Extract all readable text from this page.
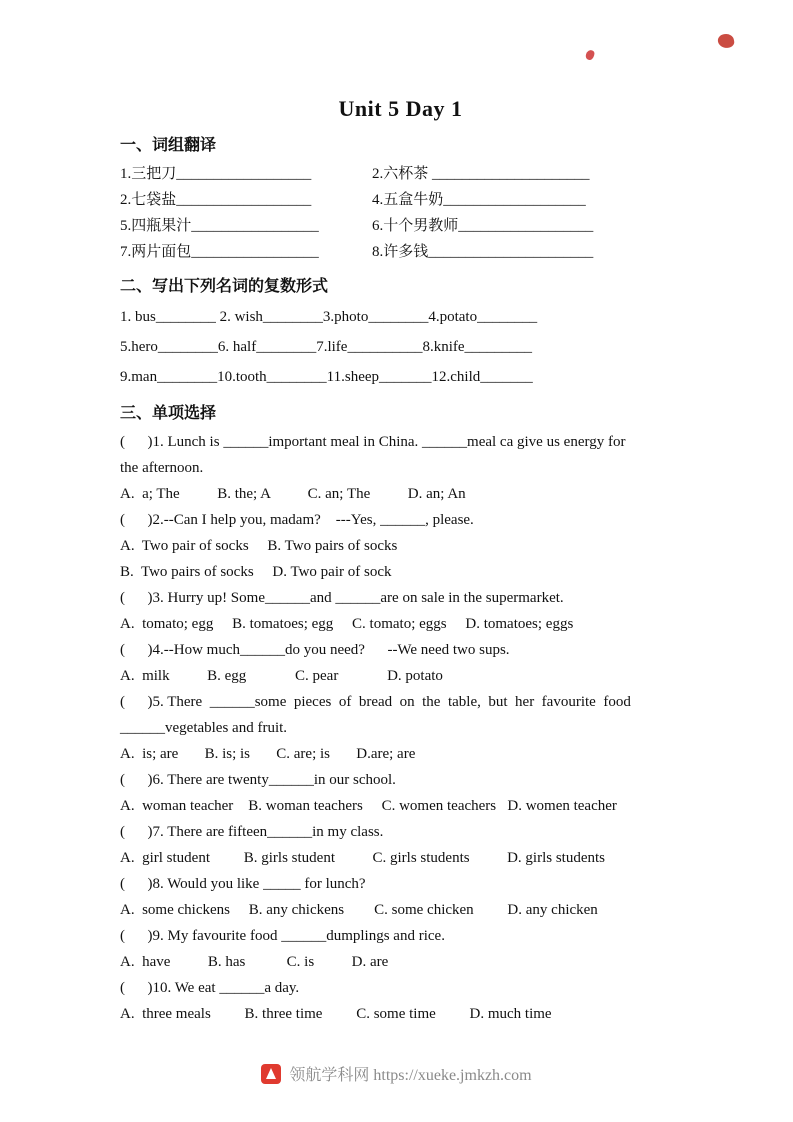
Unit 5 Day 1
一、词组翻译
1.三把刀__________________	2.六杯茶 _____________________
2.七袋盐__________________	4.五盒牛奶___________________
5.四瓶果汁_________________	6.十个男教师__________________
7.两片面包_________________	8.许多钱______________________
二、写出下列名词的复数形式
1. bus________ 2. wish________3.photo________4.potato________
5.hero________6. half________7.life__________8.knife_________
9.man________10.tooth________11.sheep_______12.child_______
三、单项选择
(      )1. Lunch is ______important meal in China. ______meal ca give us energy for
the afternoon.
A.  a; The          B. the; A          C. an; The          D. an; An
(      )2.--Can I help you, madam?    ---Yes, ______, please.
A.  Two pair of socks     B. Two pairs of socks
B.  Two pairs of socks     D. Two pair of sock
(      )3. Hurry up! Some______and ______are on sale in the supermarket.
A.  tomato; egg     B. tomatoes; egg     C. tomato; eggs     D. tomatoes; eggs
(      )4.--How much______do you need?      --We need two sups.
A.  milk          B. egg             C. pear             D. potato
(      )5. There  ______some  pieces  of  bread  on  the  table,  but  her  favourite  food
______vegetables and fruit.
A.  is; are       B. is; is       C. are; is       D.are; are
(      )6. There are twenty______in our school.
A.  woman teacher    B. woman teachers     C. women teachers   D. women teacher
(      )7. There are fifteen______in my class.
A.  girl student         B. girls student          C. girls students          D. girls students
(      )8. Would you like _____ for lunch?
A.  some chickens     B. any chickens        C. some chicken         D. any chicken
(      )9. My favourite food ______dumplings and rice.
A.  have          B. has           C. is          D. are
(      )10. We eat ______a day.
A.  three meals         B. three time         C. some time         D. much time
领航学科网 https://xueke.jmkzh.com
